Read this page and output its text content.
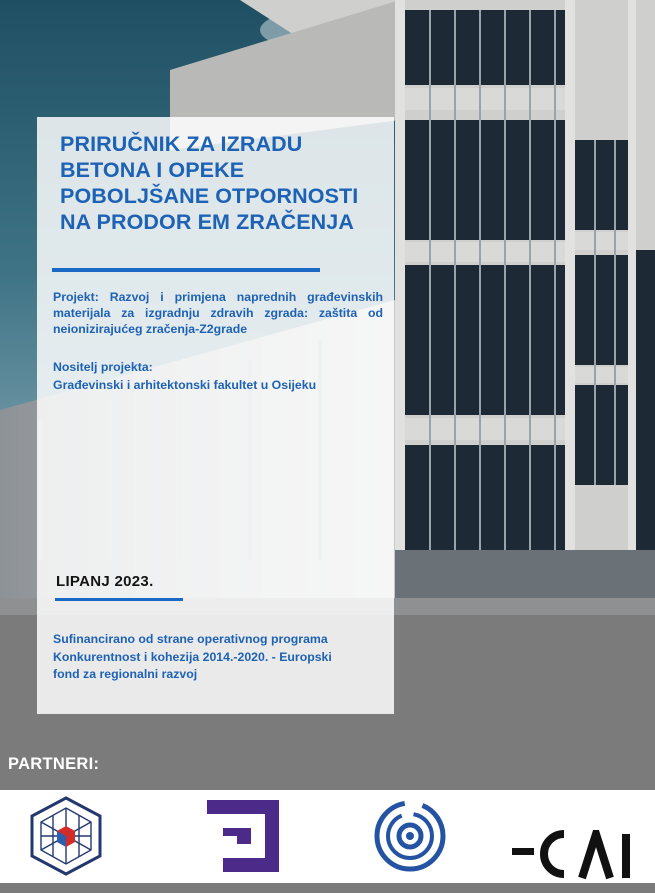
PRIRUČNIK ZA IZRADU
BETONA I OPEKE
POBOLJŠANE OTPORNOSTI
NA PRODOR EM ZRAČENJA
Projekt: Razvoj i primjena naprednih građevinskih materijala za izgradnju zdravih zgrada: zaštita od neionizirajućeg zračenja-Z2grade
Nositelj projekta:
Građevinski i arhitektonski fakultet u Osijeku
LIPANJ 2023.
Sufinancirano od strane operativnog programa
Konkurentnost i kohezija 2014.-2020. - Europski
fond za regionalni razvoj
PARTNERI:
